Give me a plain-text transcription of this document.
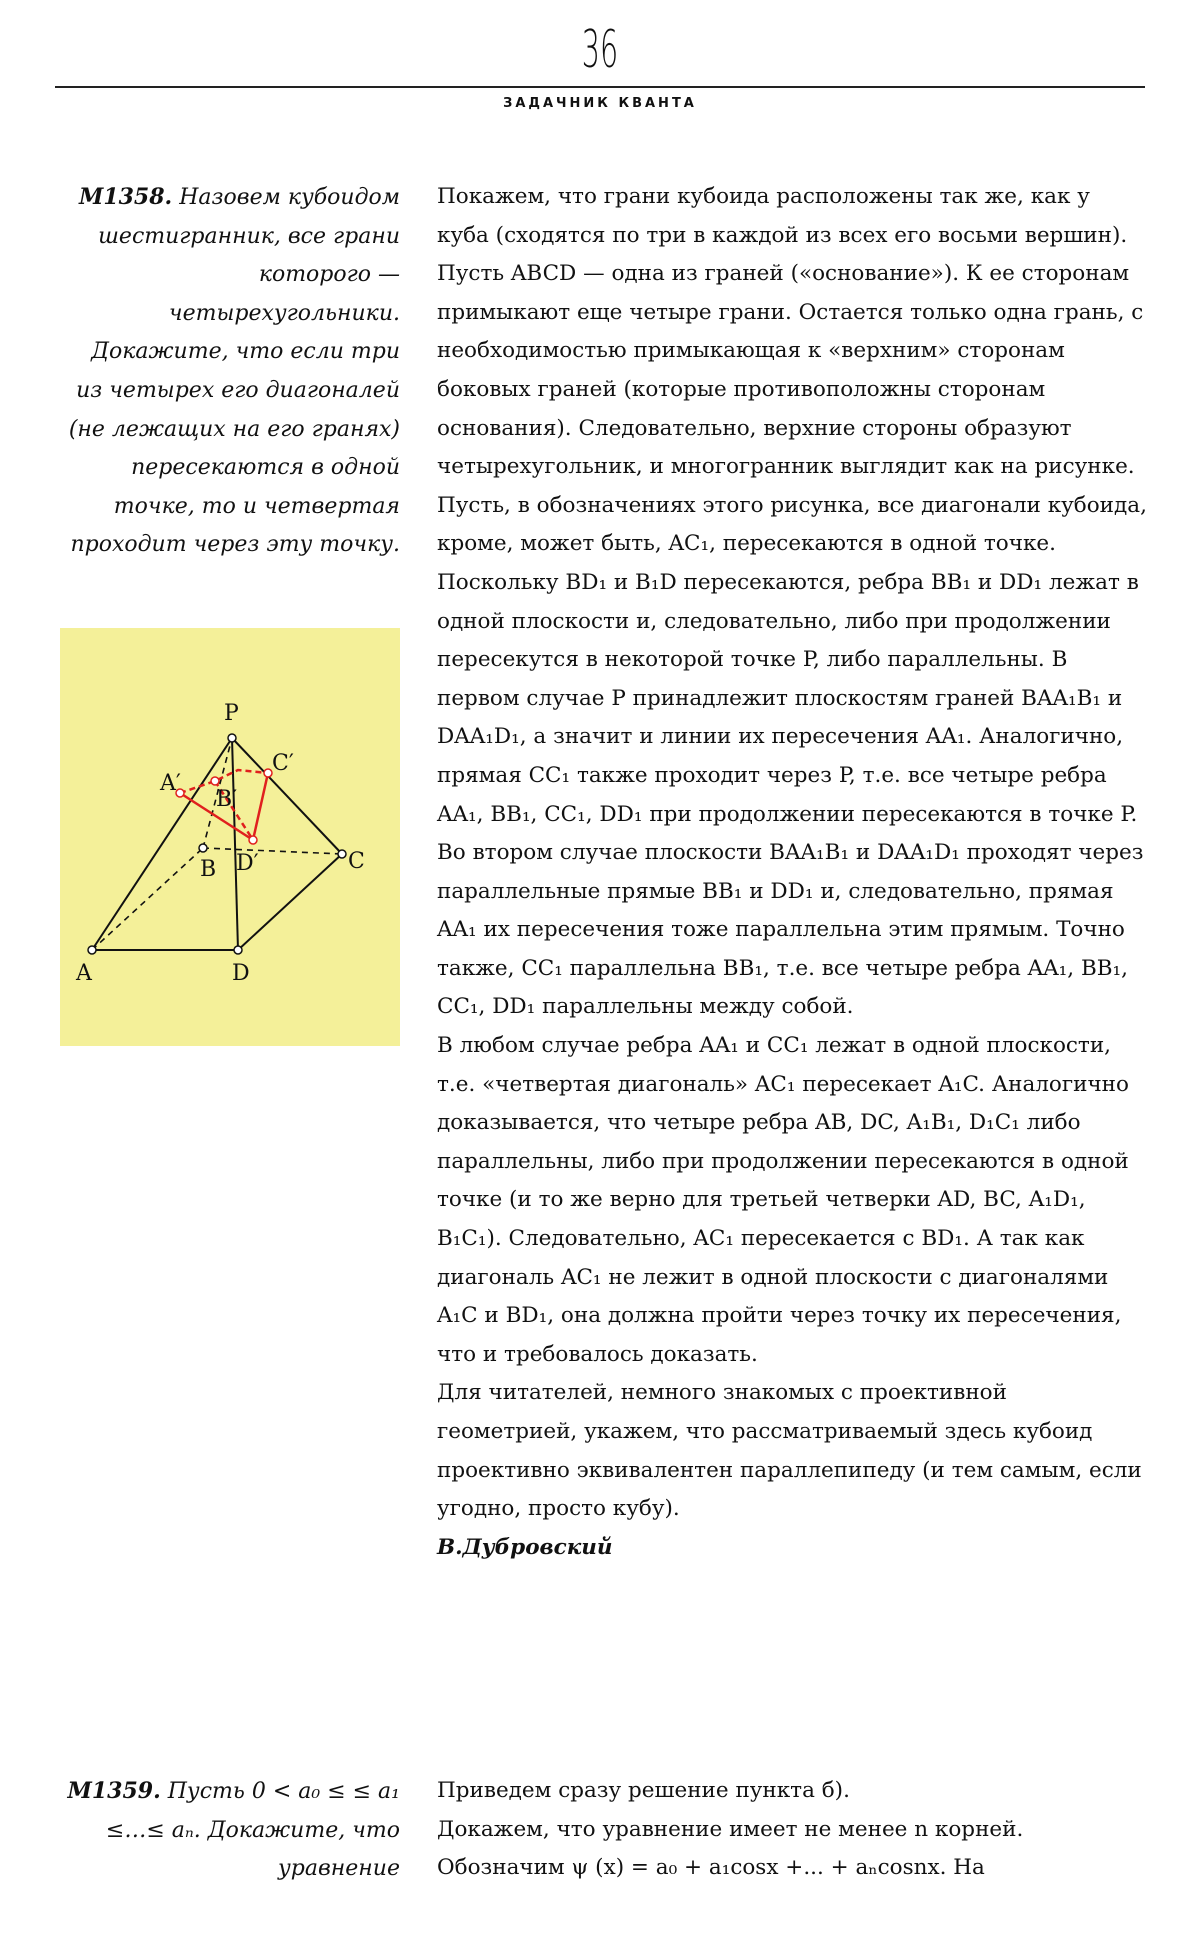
36
ЗАДАЧНИК КВАНТА
М1358. Назовем кубоидом шестигранник, все грани которого — четырехугольники. Докажите, что если три из четырех его диагоналей (не лежащих на его гранях) пересекаются в одной точке, то и четвертая проходит через эту точку.
P
A′
B′
C′
D′
A
B	C
D

Покажем, что грани кубоида расположены так же, как у куба (сходятся по три в каждой из всех его восьми вершин).

Пусть ABCD — одна из граней («основание»). К ее сторонам примыкают еще четыре грани. Остается только одна грань, с необходимостью примыкающая к «верхним» сторонам боковых граней (которые противоположны сторонам основания). Следовательно, верхние стороны образуют четырехугольник, и многогранник выглядит как на рисунке.

Пусть, в обозначениях этого рисунка, все диагонали кубоида, кроме, может быть, AC₁, пересекаются в одной точке. Поскольку BD₁ и B₁D пересекаются, ребра BB₁ и DD₁ лежат в одной плоскости и, следовательно, либо при продолжении пересекутся в некоторой точке P, либо параллельны. В первом случае P принадлежит плоскостям граней BAA₁B₁ и DAA₁D₁, а значит и линии их пересечения AA₁. Аналогично, прямая CC₁ также проходит через P, т.е. все четыре ребра AA₁, BB₁, CC₁, DD₁ при продолжении пересекаются в точке P. Во втором случае плоскости BAA₁B₁ и DAA₁D₁ проходят через параллельные прямые BB₁ и DD₁ и, следовательно, прямая AA₁ их пересечения тоже параллельна этим прямым. Точно также, CC₁ параллельна BB₁, т.е. все четыре ребра AA₁, BB₁, CC₁, DD₁ параллельны между собой.

В любом случае ребра AA₁ и CC₁ лежат в одной плоскости, т.е. «четвертая диагональ» AC₁ пересекает A₁C. Аналогично доказывается, что четыре ребра AB, DC, A₁B₁, D₁C₁ либо параллельны, либо при продолжении пересекаются в одной точке (и то же верно для третьей четверки AD, BC, A₁D₁, B₁C₁). Следовательно, AC₁ пересекается с BD₁. А так как диагональ AC₁ не лежит в одной плоскости с диагоналями A₁C и BD₁, она должна пройти через точку их пересечения, что и требовалось доказать.

Для читателей, немного знакомых с проективной геометрией, укажем, что рассматриваемый здесь кубоид проективно эквивалентен параллепипеду (и тем самым, если угодно, просто кубу).

В.Дубровский

М1359. Пусть 0 < a₀ ≤ ≤ a₁ ≤…≤ aₙ. Докажите, что уравнение

Приведем сразу решение пункта б).

Докажем, что уравнение имеет не менее n корней.

Обозначим ψ (x) = a₀ + a₁cosx +... + aₙcosnx. На
